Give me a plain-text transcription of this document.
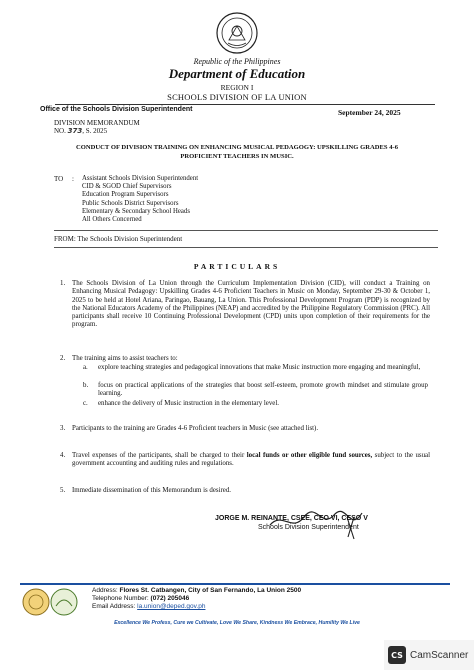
Republic of the Philippines
Department of Education
REGION I
SCHOOLS DIVISION OF LA UNION
Office of the Schools Division Superintendent	September 24, 2025
DIVISION MEMORANDUM
NO. 373, S. 2025
CONDUCT OF DIVISION TRAINING ON ENHANCING MUSICAL PEDAGOGY: UPSKILLING GRADES 4-6 PROFICIENT TEACHERS IN MUSIC.
TO : Assistant Schools Division Superintendent
CID & SGOD Chief Supervisors
Education Program Supervisors
Public Schools District Supervisors
Elementary & Secondary School Heads
All Others Concerned
FROM: The Schools Division Superintendent
PARTICULARS
1. The Schools Division of La Union through the Curriculum Implementation Division (CID), will conduct a Training on Enhancing Musical Pedagogy: Upskilling Grades 4-6 Proficient Teachers in Music on Monday, September 29-30 & October 1, 2025 to be held at Hotel Ariana, Paringao, Bauang, La Union. This Professional Development Program (PDP) is recognized by the National Educators Academy of the Philippines (NEAP) and accredited by the Philippine Regulatory Commission (PRC). All participants shall receive 10 Continuing Professional Development (CPD) units upon completion of their requirements for the program.
2. The training aims to assist teachers to:
a. explore teaching strategies and pedagogical innovations that make Music instruction more engaging and meaningful,
b. focus on practical applications of the strategies that boost self-esteem, promote growth mindset and stimulate group learning.
c. enhance the delivery of Music instruction in the elementary level.
3. Participants to the training are Grades 4-6 Proficient teachers in Music (see attached list).
4. Travel expenses of the participants, shall be charged to their local funds or other eligible fund sources, subject to the usual government accounting and auditing rules and regulations.
5. Immediate dissemination of this Memorandum is desired.
JORGE M. REINANTE, CSEE, CEO VI, CESO V
Schools Division Superintendent
Address: Flores St. Catbangen, City of San Fernando, La Union 2500
Telephone Number: (072) 205046
Email Address: la.union@deped.gov.ph
Excellence We Profess, Cure we Cultivate, Love We Share, Kindness We Embrace, Humility We Live
CS CamScanner
